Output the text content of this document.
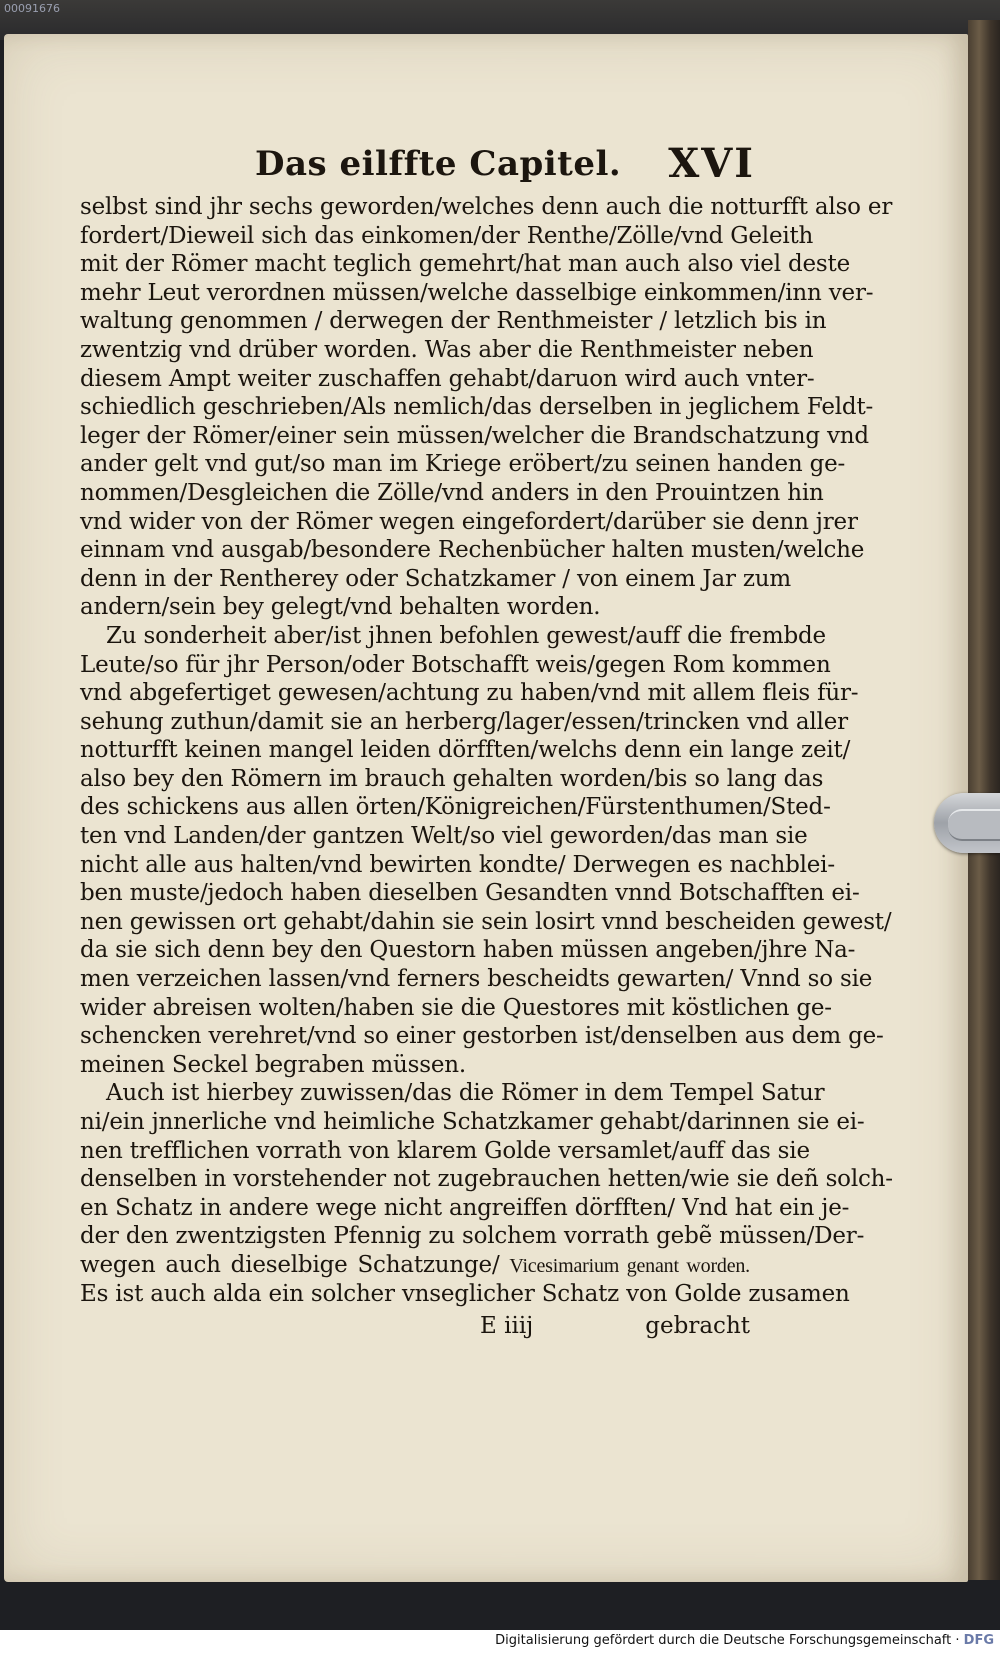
00091676
Das eilffte Capitel. XVI
selbst sind jhr sechs geworden/welches denn auch die notturfft also er
fordert/Dieweil sich das einkomen/der Renthe/Zölle/vnd Geleith
mit der Römer macht teglich gemehrt/hat man auch also viel deste
mehr Leut verordnen müssen/welche dasselbige einkommen/inn ver-
waltung genommen / derwegen der Renthmeister / letzlich bis in
zwentzig vnd drüber worden. Was aber die Renthmeister neben
diesem Ampt weiter zuschaffen gehabt/daruon wird auch vnter-
schiedlich geschrieben/Als nemlich/das derselben in jeglichem Feldt-
leger der Römer/einer sein müssen/welcher die Brandschatzung vnd
ander gelt vnd gut/so man im Kriege eröbert/zu seinen handen ge-
nommen/Desgleichen die Zölle/vnd anders in den Prouintzen hin
vnd wider von der Römer wegen eingefordert/darüber sie denn jrer
einnam vnd ausgab/besondere Rechenbücher halten musten/welche
denn in der Rentherey oder Schatzkamer / von einem Jar zum
andern/sein bey gelegt/vnd behalten worden.
Zu sonderheit aber/ist jhnen befohlen gewest/auff die frembde
Leute/so für jhr Person/oder Botschafft weis/gegen Rom kommen
vnd abgefertiget gewesen/achtung zu haben/vnd mit allem fleis für-
sehung zuthun/damit sie an herberg/lager/essen/trincken vnd aller
notturfft keinen mangel leiden dörfften/welchs denn ein lange zeit/
also bey den Römern im brauch gehalten worden/bis so lang das
des schickens aus allen örten/Königreichen/Fürstenthumen/Sted-
ten vnd Landen/der gantzen Welt/so viel geworden/das man sie
nicht alle aus halten/vnd bewirten kondte/ Derwegen es nachblei-
ben muste/jedoch haben dieselben Gesandten vnnd Botschafften ei-
nen gewissen ort gehabt/dahin sie sein losirt vnnd bescheiden gewest/
da sie sich denn bey den Questorn haben müssen angeben/jhre Na-
men verzeichen lassen/vnd ferners bescheidts gewarten/ Vnnd so sie
wider abreisen wolten/haben sie die Questores mit köstlichen ge-
schencken verehret/vnd so einer gestorben ist/denselben aus dem ge-
meinen Seckel begraben müssen.
Auch ist hierbey zuwissen/das die Römer in dem Tempel Satur
ni/ein jnnerliche vnd heimliche Schatzkamer gehabt/darinnen sie ei-
nen trefflichen vorrath von klarem Golde versamlet/auff das sie
denselben in vorstehender not zugebrauchen hetten/wie sie deñ solch-
en Schatz in andere wege nicht angreiffen dörfften/ Vnd hat ein je-
der den zwentzigsten Pfennig zu solchem vorrath gebẽ müssen/Der-
wegen auch dieselbige Schatzunge/ Vicesimarium genant worden.
Es ist auch alda ein solcher vnseglicher Schatz von Golde zusamen
E iiij	gebracht
Digitalisierung gefördert durch die Deutsche Forschungsgemeinschaft · DFG
